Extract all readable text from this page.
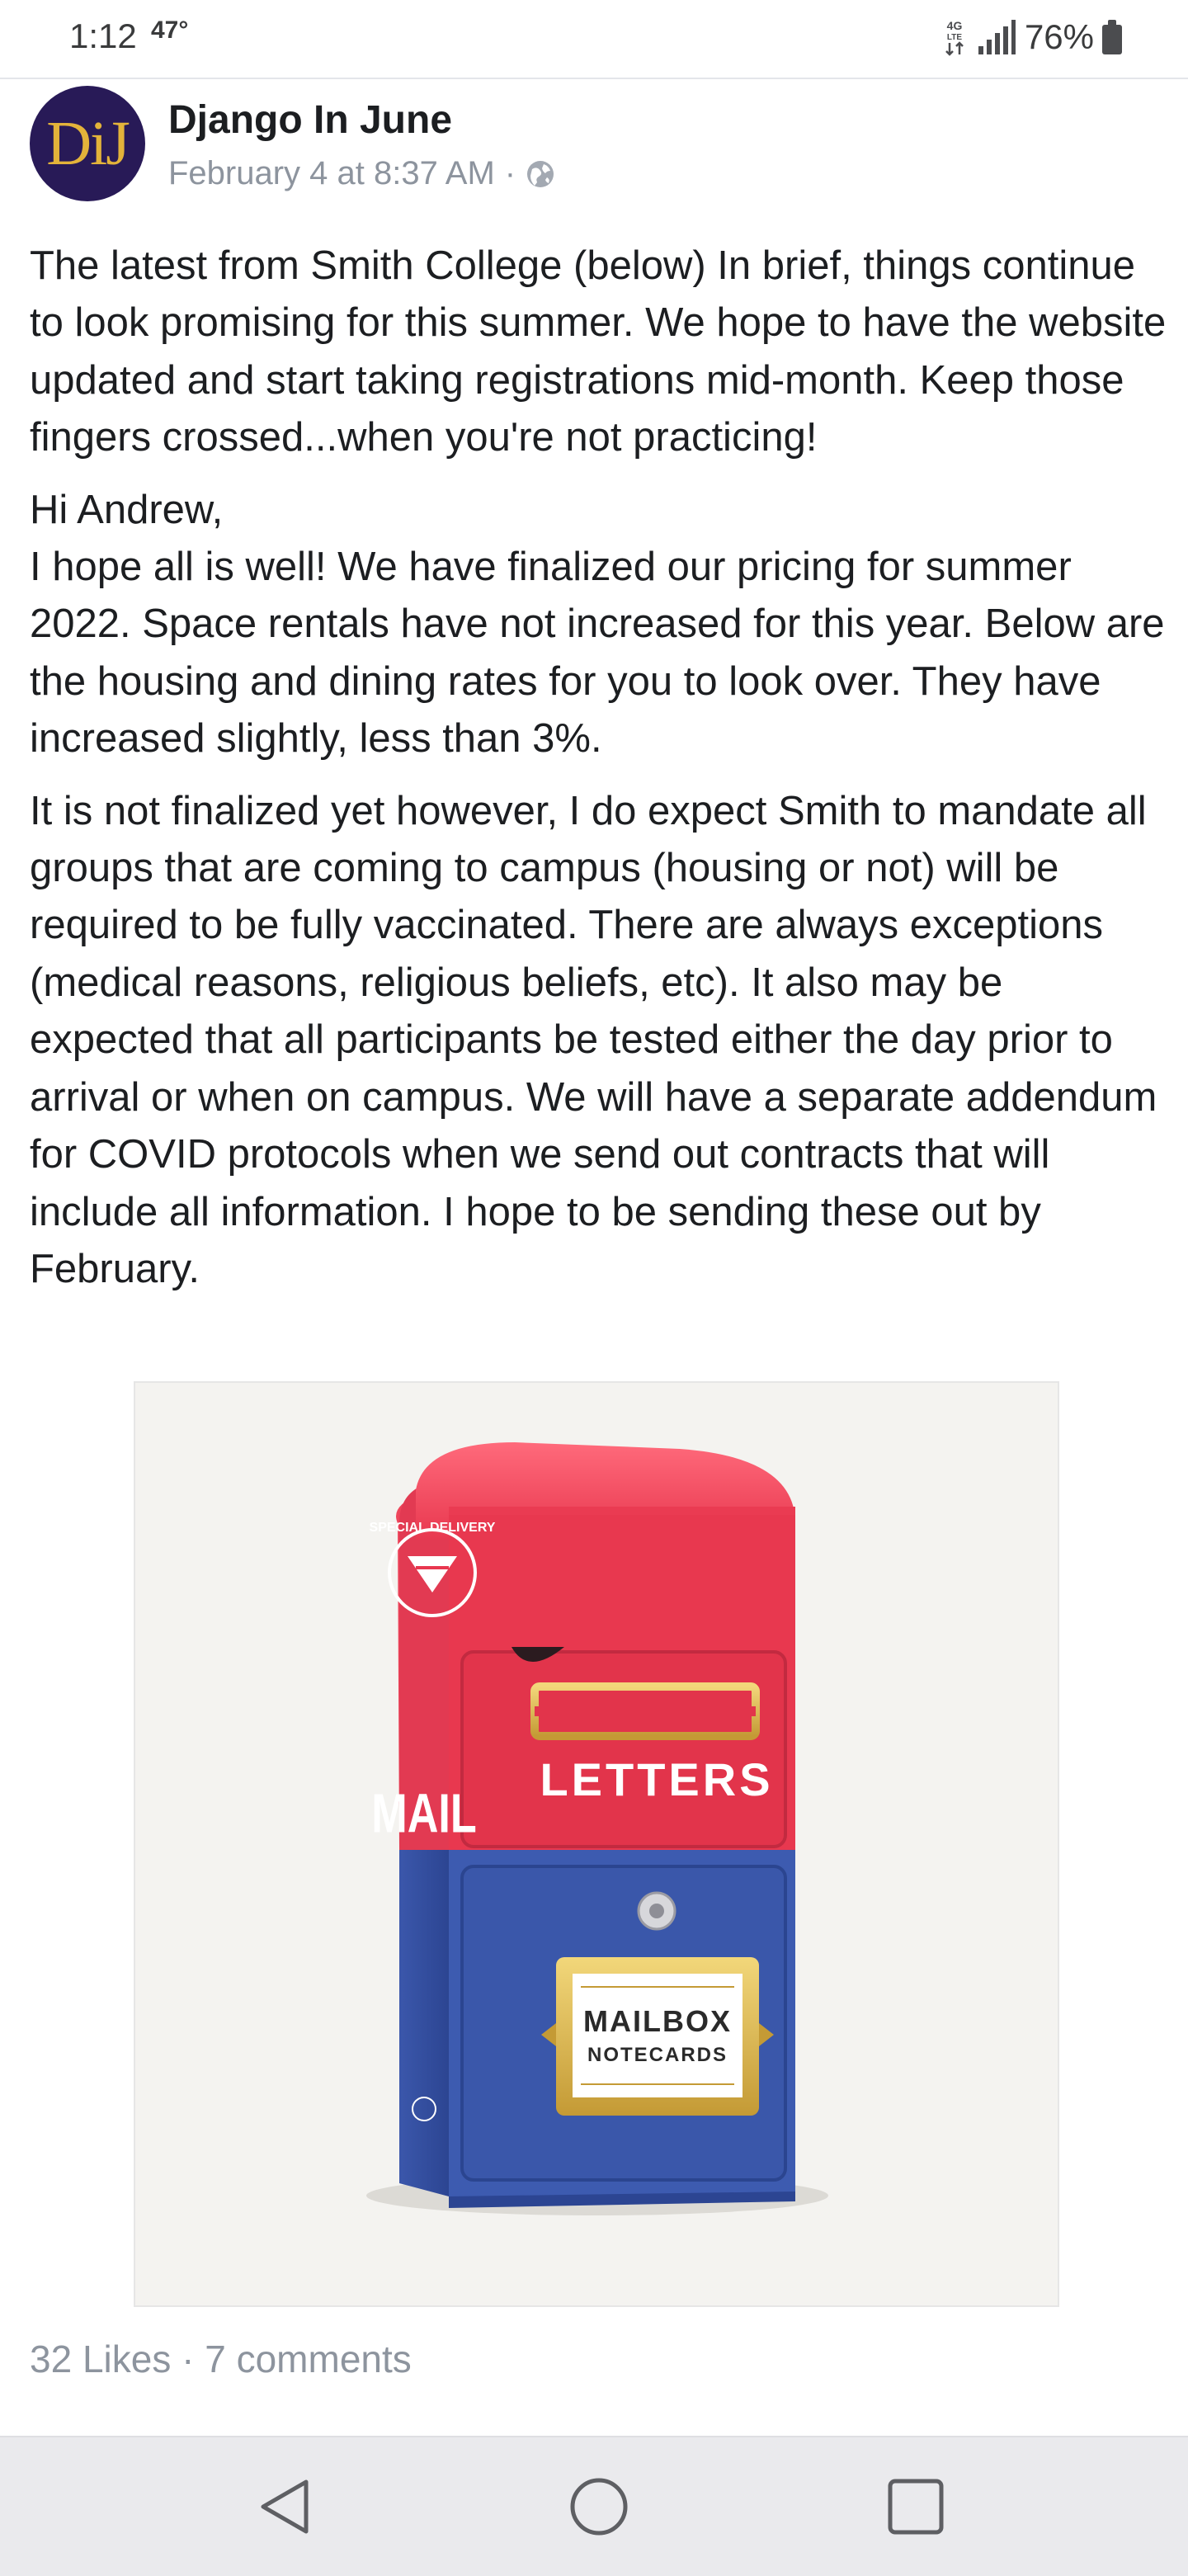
1:12 47°	4G
LTE 76%
DiJ	Django In June
February 4 at 8:37 AM ·

The latest from Smith College (below) In brief, things continue to look promising for this summer. We hope to have the website updated and start taking registrations mid-month. Keep those fingers crossed...when you're not practicing!

Hi Andrew,

I hope all is well! We have finalized our pricing for summer 2022. Space rentals have not increased for this year. Below are the housing and dining rates for you to look over. They have increased slightly, less than 3%.

It is not finalized yet however, I do expect Smith to mandate all groups that are coming to campus (housing or not) will be required to be fully vaccinated. There are always exceptions (medical reasons, religious beliefs, etc). It also may be expected that all participants be tested either the day prior to arrival or when on campus. We will have a separate addendum for COVID protocols when we send out contracts that will include all information. I hope to be sending these out by February.

LETTERS
MAIL
SPECIAL DELIVERY
MAILBOX
NOTECARDS
32 Likes · 7 comments
